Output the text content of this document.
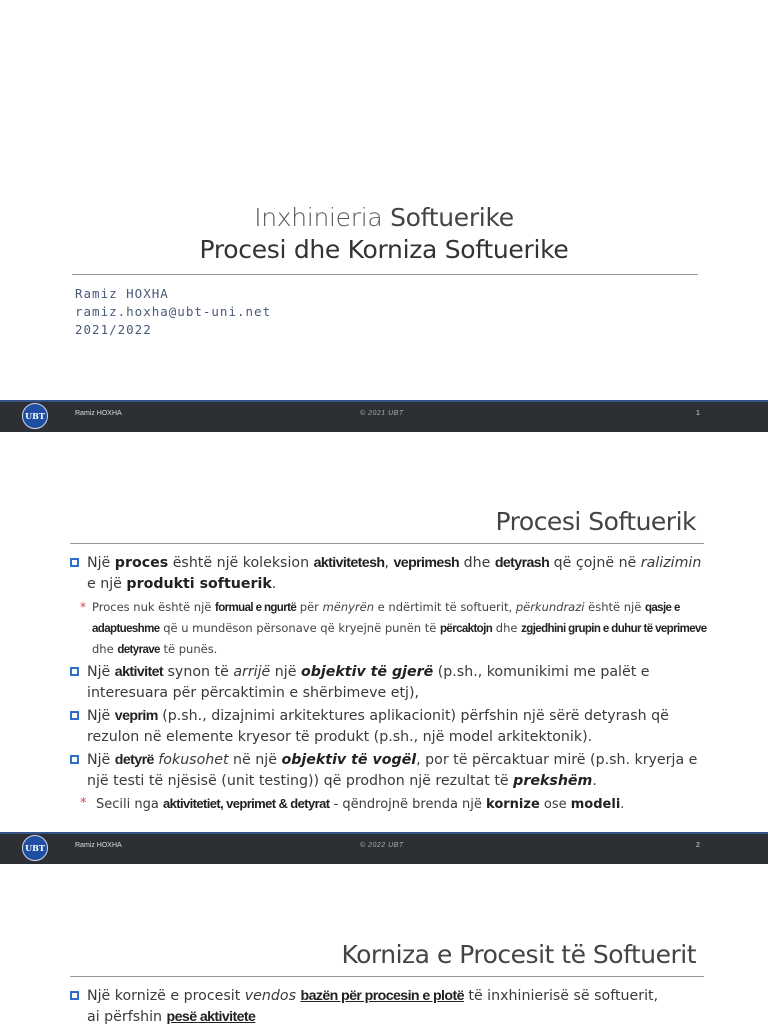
Inxhinieria Softuerike
Procesi dhe Korniza Softuerike
Ramiz HOXHA
ramiz.hoxha@ubt-uni.net
2021/2022
UBT	Ramiz HOXHA	© 2021 UBT	1
Procesi Softuerik
Një proces është një koleksion aktivitetesh, veprimesh dhe detyrash që çojnë në ralizimin e një produkti softuerik.
* Proces nuk është një formual e ngurtë për mënyrën e ndërtimit të softuerit, përkundrazi është një qasje e adaptueshme që u mundëson përsonave që kryejnë punën të përcaktojn dhe zgjedhini grupin e duhur të veprimeve dhe detyrave të punës.
Një aktivitet synon të arrijë një objektiv të gjerë (p.sh., komunikimi me palët e interesuara për përcaktimin e shërbimeve etj),
Një veprim (p.sh., dizajnimi arkitektures aplikacionit) përfshin një sërë detyrash që rezulon në elemente kryesor të produkt (p.sh., një model arkitektonik).
Një detyrë fokusohet në një objektiv të vogël, por të përcaktuar mirë (p.sh. kryerja e një testi të njësisë (unit testing)) që prodhon një rezultat të prekshëm.
* Secili nga aktivitetiet, veprimet & detyrat - qëndrojnë brenda një kornize ose modeli.
UBT	Ramiz HOXHA	© 2022 UBT	2
Korniza e Procesit të Softuerit
Një kornizë e procesit vendos bazën për procesin e plotë të inxhinierisë së softuerit,
ai përfshin pesë aktivitete
